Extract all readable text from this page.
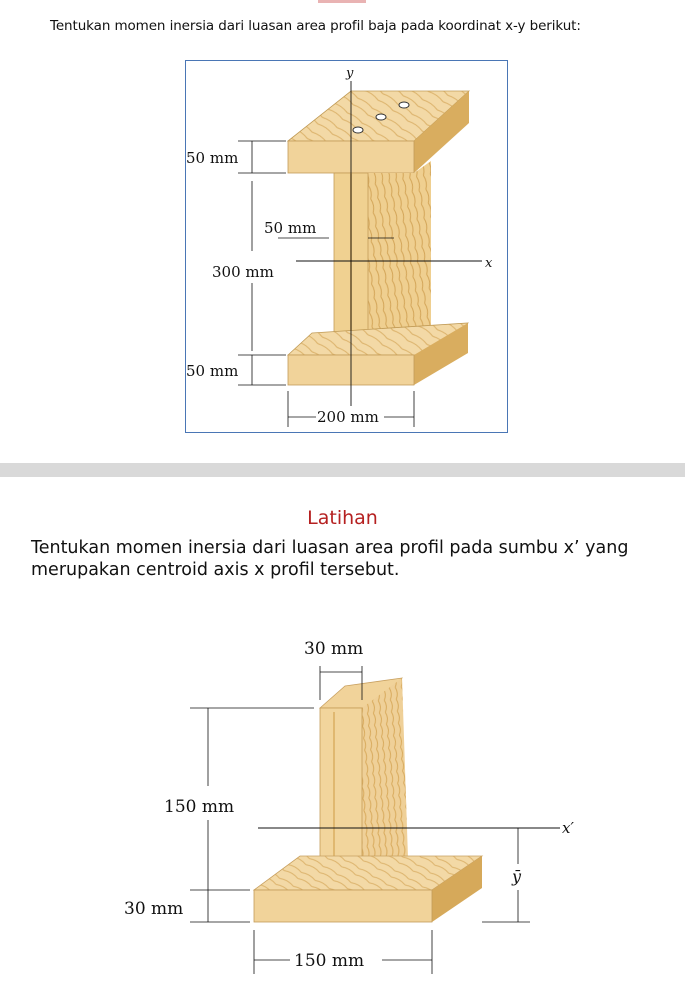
Tentukan momen inersia dari luasan area profil baja pada koordinat x-y berikut:
y
x
50 mm
300 mm
50 mm
50 mm
200 mm
Latihan
Tentukan momen inersia dari luasan area profil pada sumbu x’ yang merupakan centroid axis x profil tersebut.
x′
30 mm
150 mm
30 mm
ȳ
150 mm
